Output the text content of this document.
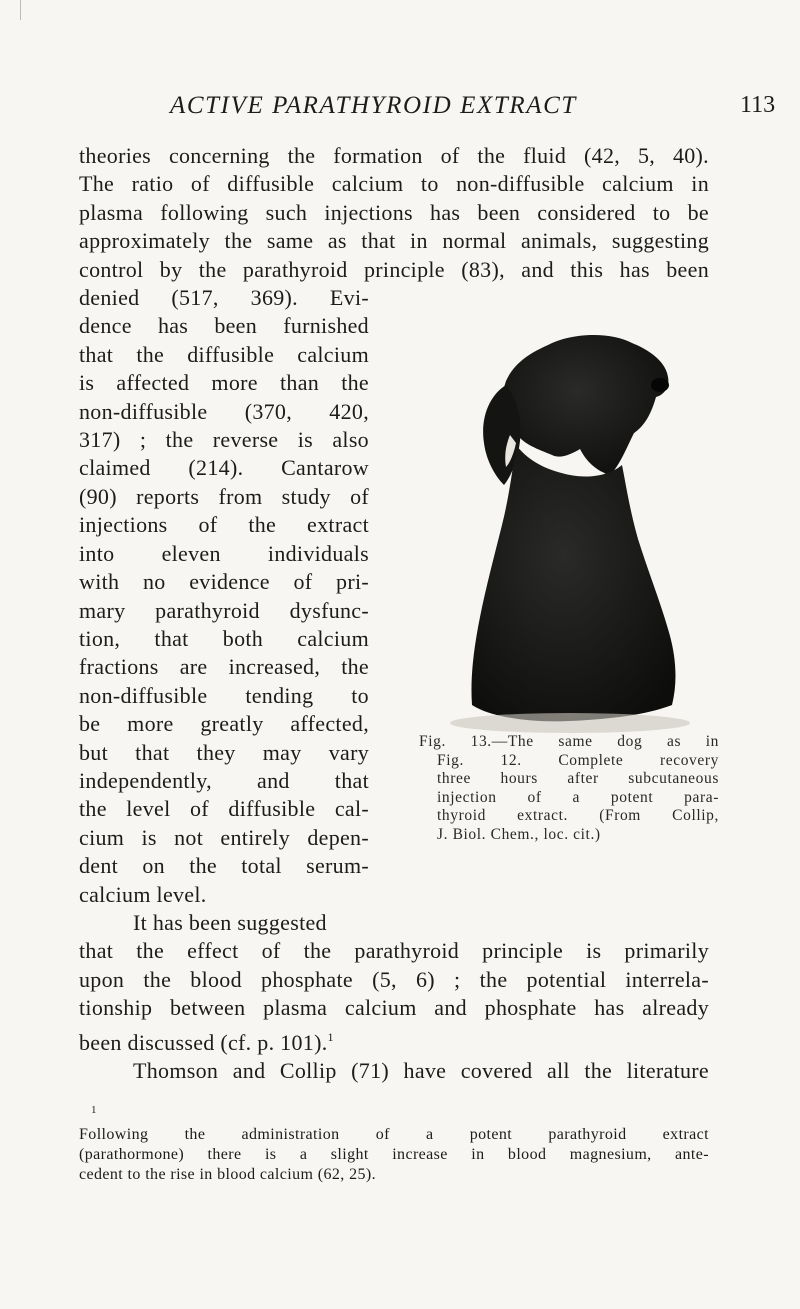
ACTIVE PARATHYROID EXTRACT	113
theories concerning the formation of the fluid (42, 5, 40).
The ratio of diffusible calcium to non-diffusible calcium in
plasma following such injections has been considered to be
approximately the same as that in normal animals, suggesting
control by the parathyroid principle (83), and this has been
denied (517, 369). Evi-
dence has been furnished
that the diffusible calcium
is affected more than the
non-diffusible (370, 420,
317) ; the reverse is also
claimed (214). Cantarow
(90) reports from study of
injections of the extract
into eleven individuals
with no evidence of pri-
mary parathyroid dysfunc-
tion, that both calcium
fractions are increased, the
non-diffusible tending to
be more greatly affected,
but that they may vary
independently, and that
the level of diffusible cal-
cium is not entirely depen-
dent on the total serum-
calcium level.
It has been suggested
that the effect of the parathyroid principle is primarily
upon the blood phosphate (5, 6) ; the potential interrela-
tionship between plasma calcium and phosphate has already
been discussed (cf. p. 101).$^1$
Thomson and Collip (71) have covered all the literature
Fig. 13.—The same dog as in
Fig. 12. Complete recovery
three hours after subcutaneous
injection of a potent para-
thyroid extract. (From Collip,
J. Biol. Chem., loc. cit.)
$^1$
Following the administration of a potent parathyroid extract
(parathormone) there is a slight increase in blood magnesium, ante-
cedent to the rise in blood calcium (62, 25).
